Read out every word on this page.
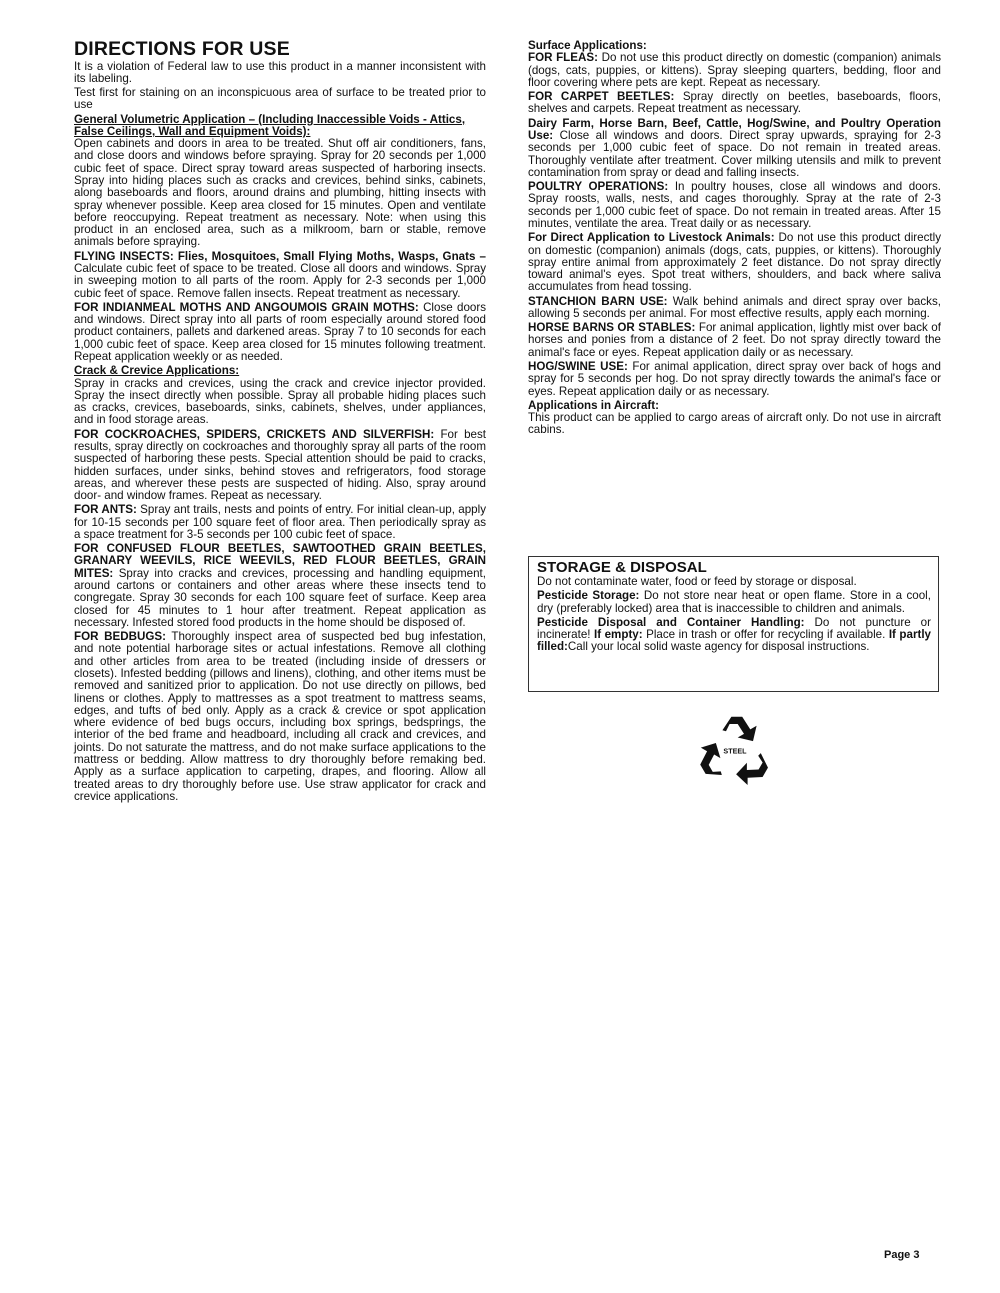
DIRECTIONS FOR USE

It is a violation of Federal law to use this product in a manner inconsistent with its labeling.

Test first for staining on an inconspicuous area of surface to be treated prior to use

General Volumetric Application – (Including Inaccessible Voids - Attics, False Ceilings, Wall and Equipment Voids):

Open cabinets and doors in area to be treated. Shut off air conditioners, fans, and close doors and windows before spraying. Spray for 20 seconds per 1,000 cubic feet of space. Direct spray toward areas suspected of harboring insects. Spray into hiding places such as cracks and crevices, behind sinks, cabinets, along baseboards and floors, around drains and plumbing, hitting insects with spray whenever possible. Keep area closed for 15 minutes. Open and ventilate before reoccupying. Repeat treatment as necessary. Note: when using this product in an enclosed area, such as a milkroom, barn or stable, remove animals before spraying.

FLYING INSECTS: Flies, Mosquitoes, Small Flying Moths, Wasps, Gnats – Calculate cubic feet of space to be treated. Close all doors and windows. Spray in sweeping motion to all parts of the room. Apply for 2-3 seconds per 1,000 cubic feet of space. Remove fallen insects. Repeat treatment as necessary.

FOR INDIANMEAL MOTHS AND ANGOUMOIS GRAIN MOTHS: Close doors and windows. Direct spray into all parts of room especially around stored food product containers, pallets and darkened areas. Spray 7 to 10 seconds for each 1,000 cubic feet of space. Keep area closed for 15 minutes following treatment. Repeat application weekly or as needed.

Crack & Crevice Applications:

Spray in cracks and crevices, using the crack and crevice injector provided. Spray the insect directly when possible. Spray all probable hiding places such as cracks, crevices, baseboards, sinks, cabinets, shelves, under appliances, and in food storage areas.

FOR COCKROACHES, SPIDERS, CRICKETS AND SILVERFISH: For best results, spray directly on cockroaches and thoroughly spray all parts of the room suspected of harboring these pests. Special attention should be paid to cracks, hidden surfaces, under sinks, behind stoves and refrigerators, food storage areas, and wherever these pests are suspected of hiding. Also, spray around door- and window frames. Repeat as necessary.

FOR ANTS: Spray ant trails, nests and points of entry. For initial clean-up, apply for 10-15 seconds per 100 square feet of floor area. Then periodically spray as a space treatment for 3-5 seconds per 100 cubic feet of space.

FOR CONFUSED FLOUR BEETLES, SAWTOOTHED GRAIN BEETLES, GRANARY WEEVILS, RICE WEEVILS, RED FLOUR BEETLES, GRAIN MITES: Spray into cracks and crevices, processing and handling equipment, around cartons or containers and other areas where these insects tend to congregate. Spray 30 seconds for each 100 square feet of surface. Keep area closed for 45 minutes to 1 hour after treatment. Repeat application as necessary. Infested stored food products in the home should be disposed of.

FOR BEDBUGS: Thoroughly inspect area of suspected bed bug infestation, and note potential harborage sites or actual infestations. Remove all clothing and other articles from area to be treated (including inside of dressers or closets). Infested bedding (pillows and linens), clothing, and other items must be removed and sanitized prior to application. Do not use directly on pillows, bed linens or clothes. Apply to mattresses as a spot treatment to mattress seams, edges, and tufts of bed only. Apply as a crack & crevice or spot application where evidence of bed bugs occurs, including box springs, bedsprings, the interior of the bed frame and headboard, including all crack and crevices, and joints. Do not saturate the mattress, and do not make surface applications to the mattress or bedding. Allow mattress to dry thoroughly before remaking bed. Apply as a surface application to carpeting, drapes, and flooring. Allow all treated areas to dry thoroughly before use. Use straw applicator for crack and crevice applications.

Surface Applications:

FOR FLEAS: Do not use this product directly on domestic (companion) animals (dogs, cats, puppies, or kittens). Spray sleeping quarters, bedding, floor and floor covering where pets are kept. Repeat as necessary.

FOR CARPET BEETLES: Spray directly on beetles, baseboards, floors, shelves and carpets. Repeat treatment as necessary.

Dairy Farm, Horse Barn, Beef, Cattle, Hog/Swine, and Poultry Operation Use: Close all windows and doors. Direct spray upwards, spraying for 2-3 seconds per 1,000 cubic feet of space. Do not remain in treated areas. Thoroughly ventilate after treatment. Cover milking utensils and milk to prevent contamination from spray or dead and falling insects.

POULTRY OPERATIONS: In poultry houses, close all windows and doors. Spray roosts, walls, nests, and cages thoroughly. Spray at the rate of 2-3 seconds per 1,000 cubic feet of space. Do not remain in treated areas. After 15 minutes, ventilate the area. Treat daily or as necessary.

For Direct Application to Livestock Animals: Do not use this product directly on domestic (companion) animals (dogs, cats, puppies, or kittens). Thoroughly spray entire animal from approximately 2 feet distance. Do not spray directly toward animal's eyes. Spot treat withers, shoulders, and back where saliva accumulates from head tossing.

STANCHION BARN USE: Walk behind animals and direct spray over backs, allowing 5 seconds per animal. For most effective results, apply each morning.

HORSE BARNS OR STABLES: For animal application, lightly mist over back of horses and ponies from a distance of 2 feet. Do not spray directly toward the animal's face or eyes. Repeat application daily or as necessary.

HOG/SWINE USE: For animal application, direct spray over back of hogs and spray for 5 seconds per hog. Do not spray directly towards the animal's face or eyes. Repeat application daily or as necessary.

Applications in Aircraft:

This product can be applied to cargo areas of aircraft only. Do not use in aircraft cabins.

STORAGE & DISPOSAL

Do not contaminate water, food or feed by storage or disposal.

Pesticide Storage: Do not store near heat or open flame. Store in a cool, dry (preferably locked) area that is inaccessible to children and animals.

Pesticide Disposal and Container Handling: Do not puncture or incinerate! If empty: Place in trash or offer for recycling if available. If partly filled:Call your local solid waste agency for disposal instructions.

STEEL
Page 3
